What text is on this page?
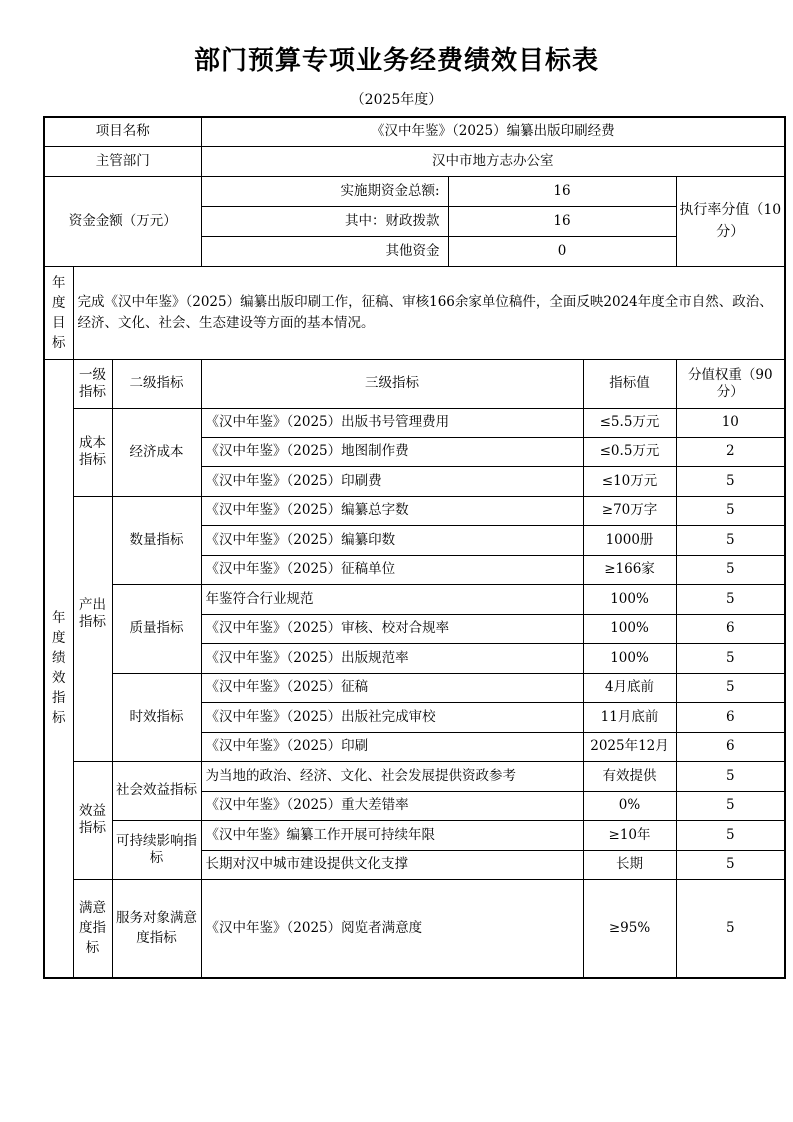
部门预算专项业务经费绩效目标表
（2025年度）
项目名称			《汉中年鉴》（2025）编纂出版印刷经费			
主管部门			汉中市地方志办公室			
资金金额（万元）			实施期资金总额:	16		执行率分值（10分）
			其中：财政拨款	16		
			其他资金	0		
年度目标	完成《汉中年鉴》（2025）编纂出版印刷工作，征稿、审核166余家单位稿件，全面反映2024年度全市自然、政治、经济、文化、社会、生态建设等方面的基本情况。					
年度绩效指标	一级指标	二级指标	三级指标		指标值	分值权重（90分）
	成本指标	经济成本	《汉中年鉴》（2025）出版书号管理费用		≤5.5万元	10
			《汉中年鉴》（2025）地图制作费		≤0.5万元	2
			《汉中年鉴》（2025）印刷费		≤10万元	5
	产出指标	数量指标	《汉中年鉴》（2025）编纂总字数		≥70万字	5
			《汉中年鉴》（2025）编纂印数		1000册	5
			《汉中年鉴》（2025）征稿单位		≥166家	5
		质量指标	年鉴符合行业规范		100%	5
			《汉中年鉴》（2025）审核、校对合规率		100%	6
			《汉中年鉴》（2025）出版规范率		100%	5
		时效指标	《汉中年鉴》（2025）征稿		4月底前	5
			《汉中年鉴》（2025）出版社完成审校		11月底前	6
			《汉中年鉴》（2025）印刷		2025年12月	6
	效益指标	社会效益指标	为当地的政治、经济、文化、社会发展提供资政参考		有效提供	5
			《汉中年鉴》（2025）重大差错率		0%	5
		可持续影响指标	《汉中年鉴》编纂工作开展可持续年限		≥10年	5
			长期对汉中城市建设提供文化支撑		长期	5
	满意度指标	服务对象满意度指标	《汉中年鉴》（2025）阅览者满意度		≥95%	5
